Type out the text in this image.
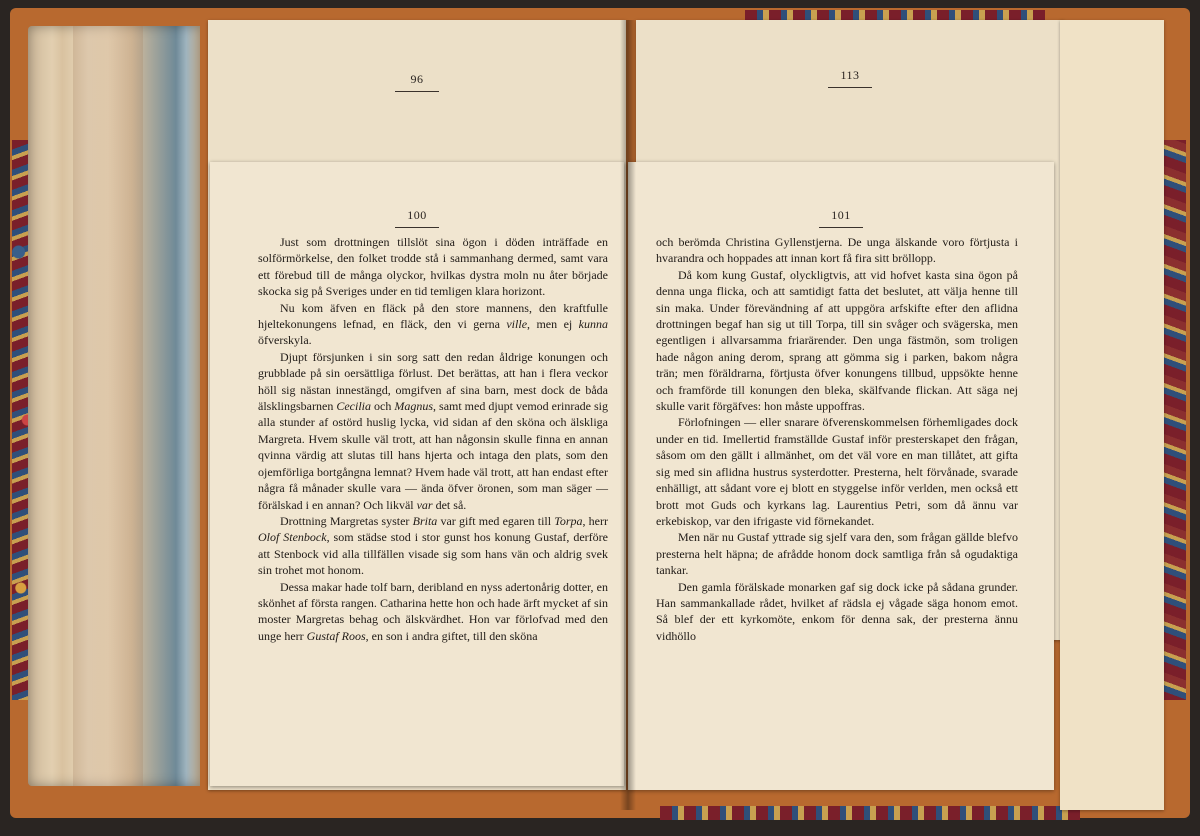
96	113
100

Just som drottningen tillslöt sina ögon i döden inträffade en solförmörkelse, den folket trodde stå i sammanhang dermed, samt vara ett förebud till de många olyckor, hvilkas dystra moln nu åter började skocka sig på Sveriges under en tid temligen klara horizont.

Nu kom äfven en fläck på den store mannens, den kraftfulle hjeltekonungens lefnad, en fläck, den vi gerna ville, men ej kunna öfverskyla.

Djupt försjunken i sin sorg satt den redan åldrige konungen och grubblade på sin oersättliga förlust. Det berättas, att han i flera veckor höll sig nästan innestängd, omgifven af sina barn, mest dock de båda älsklingsbarnen Cecilia och Magnus, samt med djupt vemod erinrade sig alla stunder af ostörd huslig lycka, vid sidan af den sköna och älskliga Margreta. Hvem skulle väl trott, att han någonsin skulle finna en annan qvinna värdig att slutas till hans hjerta och intaga den plats, som den ojemförliga bortgångna lemnat? Hvem hade väl trott, att han endast efter några få månader skulle vara — ända öfver öronen, som man säger — förälskad i en annan? Och likväl var det så.

Drottning Margretas syster Brita var gift med egaren till Torpa, herr Olof Stenbock, som städse stod i stor gunst hos konung Gustaf, derföre att Stenbock vid alla tillfällen visade sig som hans vän och aldrig svek sin trohet mot honom.

Dessa makar hade tolf barn, deribland en nyss adertonårig dotter, en skönhet af första rangen. Catharina hette hon och hade ärft mycket af sin moster Margretas behag och älskvärdhet. Hon var förlofvad med den unge herr Gustaf Roos, en son i andra giftet, till den sköna

101

och berömda Christina Gyllenstjerna. De unga älskande voro förtjusta i hvarandra och hoppades att innan kort få fira sitt bröllopp.

Då kom kung Gustaf, olyckligtvis, att vid hofvet kasta sina ögon på denna unga flicka, och att samtidigt fatta det beslutet, att välja henne till sin maka. Under förevändning af att uppgöra arfskifte efter den aflidna drottningen begaf han sig ut till Torpa, till sin svåger och svägerska, men egentligen i allvarsamma friarärender. Den unga fästmön, som troligen hade någon aning derom, sprang att gömma sig i parken, bakom några trän; men föräldrarna, förtjusta öfver konungens tillbud, uppsökte henne och framförde till konungen den bleka, skälfvande flickan. Att säga nej skulle varit förgäfves: hon måste uppoffras.

Förlofningen — eller snarare öfverenskommelsen förhemligades dock under en tid. Imellertid framställde Gustaf inför presterskapet den frågan, såsom om den gällt i allmänhet, om det väl vore en man tillåtet, att gifta sig med sin aflidna hustrus systerdotter. Presterna, helt förvånade, svarade enhälligt, att sådant vore ej blott en styggelse inför verlden, men också ett brott mot Guds och kyrkans lag. Laurentius Petri, som då ännu var erkebiskop, var den ifrigaste vid förnekandet.

Men när nu Gustaf yttrade sig sjelf vara den, som frågan gällde blefvo presterna helt häpna; de afrådde honom dock samtliga från så ogudaktiga tankar.

Den gamla förälskade monarken gaf sig dock icke på sådana grunder. Han sammankallade rådet, hvilket af rädsla ej vågade säga honom emot. Så blef der ett kyrkomöte, enkom för denna sak, der presterna ännu vidhöllo
